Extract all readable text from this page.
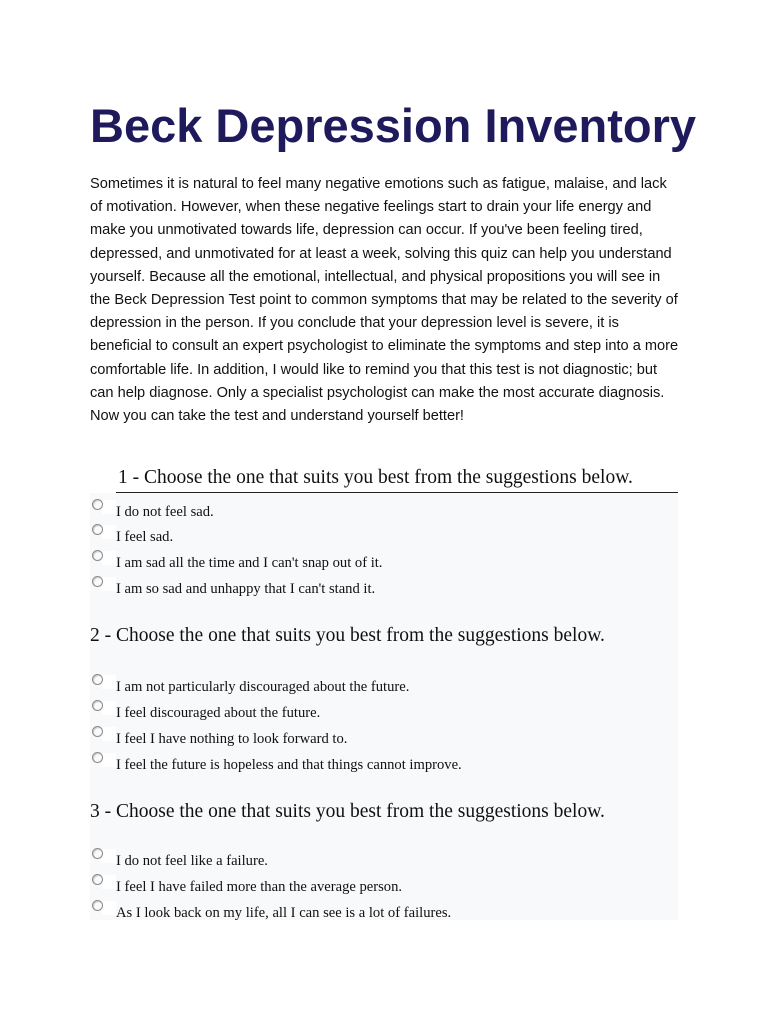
Beck Depression Inventory

Sometimes it is natural to feel many negative emotions such as fatigue, malaise, and lack of motivation. However, when these negative feelings start to drain your life energy and make you unmotivated towards life, depression can occur. If you've been feeling tired, depressed, and unmotivated for at least a week, solving this quiz can help you understand yourself. Because all the emotional, intellectual, and physical propositions you will see in the Beck Depression Test point to common symptoms that may be related to the severity of depression in the person. If you conclude that your depression level is severe, it is beneficial to consult an expert psychologist to eliminate the symptoms and step into a more comfortable life. In addition, I would like to remind you that this test is not diagnostic; but can help diagnose. Only a specialist psychologist can make the most accurate diagnosis. Now you can take the test and understand yourself better!

1 - Choose the one that suits you best from the suggestions below.
I do not feel sad.
I feel sad.
I am sad all the time and I can't snap out of it.
I am so sad and unhappy that I can't stand it.
2 - Choose the one that suits you best from the suggestions below.
I am not particularly discouraged about the future.
I feel discouraged about the future.
I feel I have nothing to look forward to.
I feel the future is hopeless and that things cannot improve.
3 - Choose the one that suits you best from the suggestions below.
I do not feel like a failure.
I feel I have failed more than the average person.
As I look back on my life, all I can see is a lot of failures.
